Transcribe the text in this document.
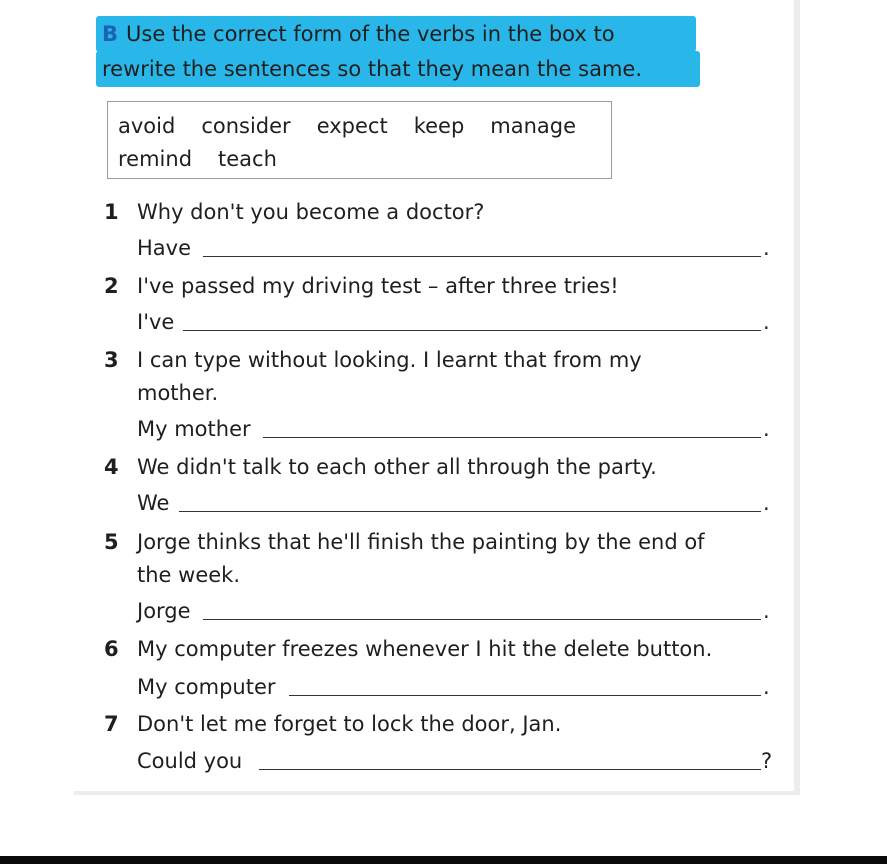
B Use the correct form of the verbs in the box to
rewrite the sentences so that they mean the same.
avoid consider expect keep manage
remind teach
1 Why don't you become a doctor?
Have	.
2 I've passed my driving test – after three tries!
I've	.
3 I can type without looking. I learnt that from my
mother.
My mother	.
4 We didn't talk to each other all through the party.
We	.
5 Jorge thinks that he'll finish the painting by the end of
the week.
Jorge	.
6 My computer freezes whenever I hit the delete button.
My computer	.
7 Don't let me forget to lock the door, Jan.
Could you	?
